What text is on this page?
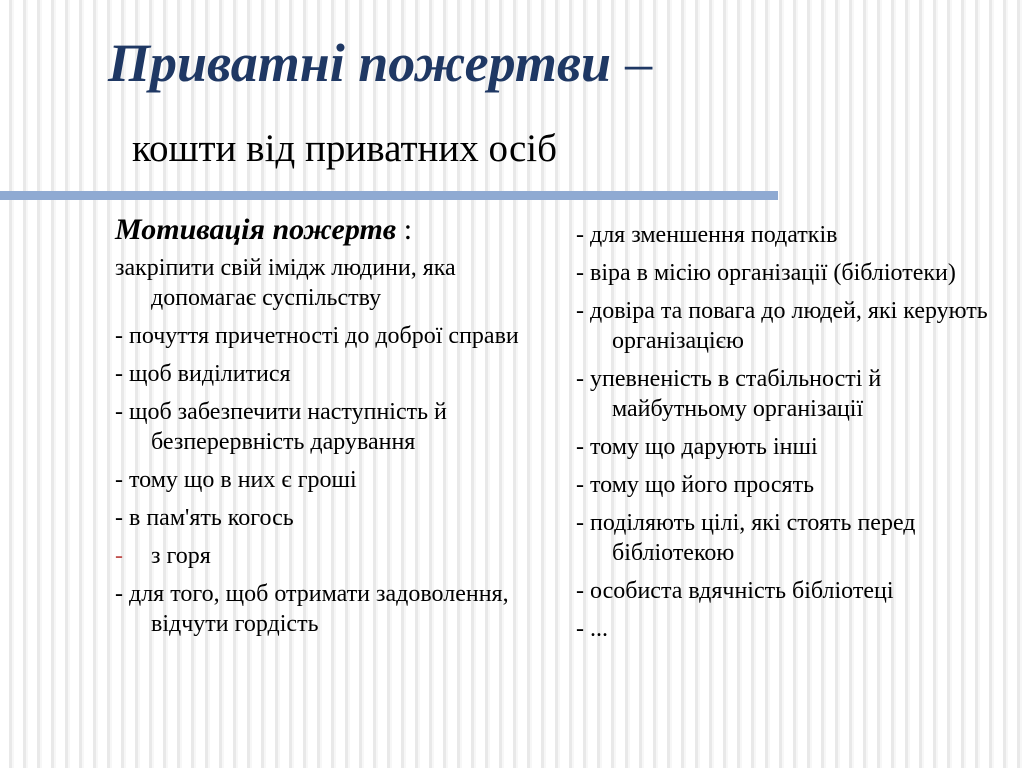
Приватні пожертви –
кошти від приватних осіб
Мотивація пожертв :
закріпити свій імідж людини, яка допомагає суспільству
- почуття причетності до доброї справи
- щоб виділитися
- щоб забезпечити наступність й безперервність дарування
- тому що в них є гроші
- в пам'ять когось
- з горя
- для того, щоб отримати задоволення, відчути гордість
- для зменшення податків
- віра в місію організації (бібліотеки)
- довіра та повага до людей, які керують організацією
- упевненість в стабільності й майбутньому організації
- тому що дарують інші
- тому що його просять
- поділяють цілі, які стоять перед бібліотекою
- особиста вдячність бібліотеці
- ...
